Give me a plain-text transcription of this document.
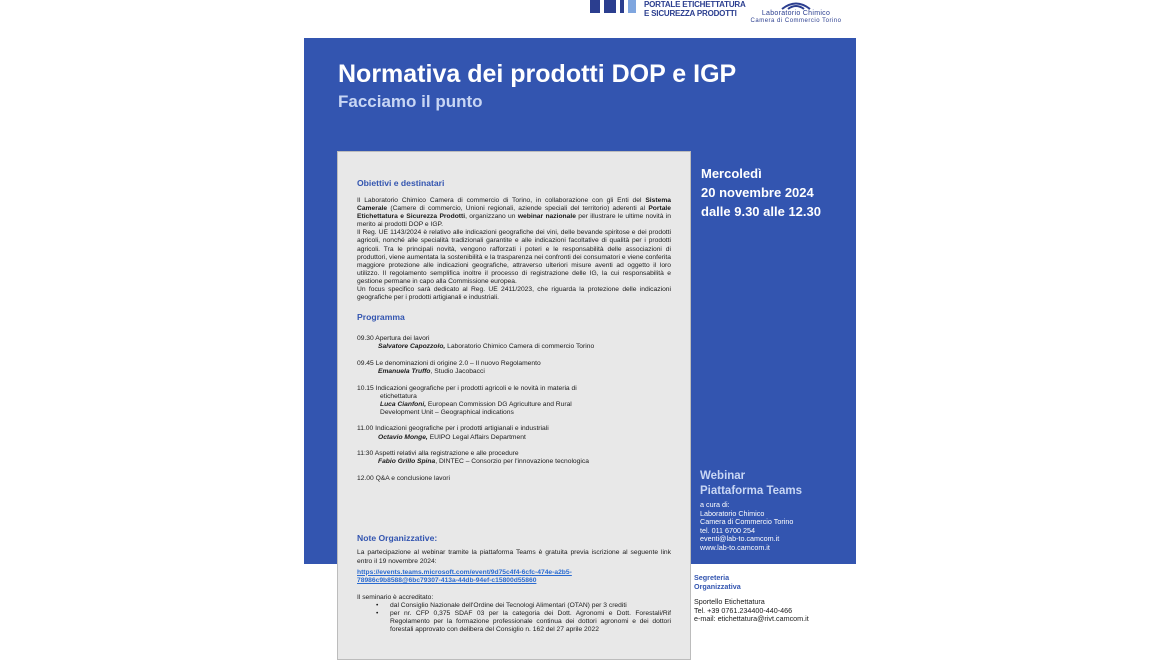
PORTALE ETICHETTATURA
E SICUREZZA PRODOTTI	Laboratorio Chimico
Camera di Commercio Torino
Normativa dei prodotti DOP e IGP
Facciamo il punto
Mercoledì
20 novembre 2024
dalle 9.30 alle 12.30
Webinar
Piattaforma Teams
a cura di:
Laboratorio Chimico
Camera di Commercio Torino
tel. 011 6700 254
eventi@lab-to.camcom.it
www.lab-to.camcom.it
Obiettivi e destinatari
Il Laboratorio Chimico Camera di commercio di Torino, in collaborazione con gli Enti del Sistema Camerale (Camere di commercio, Unioni regionali, aziende speciali del territorio) aderenti al Portale Etichettatura e Sicurezza Prodotti, organizzano un webinar nazionale per illustrare le ultime novità in merito ai prodotti DOP e IGP.
Il Reg. UE 1143/2024 è relativo alle indicazioni geografiche dei vini, delle bevande spiritose e dei prodotti agricoli, nonché alle specialità tradizionali garantite e alle indicazioni facoltative di qualità per i prodotti agricoli. Tra le principali novità, vengono rafforzati i poteri e le responsabilità delle associazioni di produttori, viene aumentata la sostenibilità e la trasparenza nei confronti dei consumatori e viene conferita maggiore protezione alle indicazioni geografiche, attraverso ulteriori misure aventi ad oggetto il loro utilizzo. Il regolamento semplifica inoltre il processo di registrazione delle IG, la cui responsabilità e gestione permane in capo alla Commissione europea.
Un focus specifico sarà dedicato al Reg. UE 2411/2023, che riguarda la protezione delle indicazioni geografiche per i prodotti artigianali e industriali.
Programma
09.30 Apertura dei lavori
Salvatore Capozzolo, Laboratorio Chimico Camera di commercio Torino
09.45 Le denominazioni di origine 2.0 – Il nuovo Regolamento
Emanuela Truffo, Studio Jacobacci
10.15 Indicazioni geografiche per i prodotti agricoli e le novità in materia di
etichettatura
Luca Cianfoni, European Commission DG Agriculture and Rural
Development Unit – Geographical indications
11.00 Indicazioni geografiche per i prodotti artigianali e industriali
Octavio Monge, EUIPO Legal Affairs Department
11:30 Aspetti relativi alla registrazione e alle procedure
Fabio Grillo Spina, DINTEC – Consorzio per l'innovazione tecnologica
12.00 Q&A e conclusione lavori
Note Organizzative:
La partecipazione al webinar tramite la piattaforma Teams è gratuita previa iscrizione al seguente link entro il 19 novembre 2024:
https://events.teams.microsoft.com/event/9d75c4f4-6cfc-474e-a2b5-
78986c9b8588@6bc79307-413a-44db-94ef-c15800d55860
Il seminario è accreditato:
• dal Consiglio Nazionale dell'Ordine dei Tecnologi Alimentari (OTAN) per 3 crediti
• per nr. CFP 0,375 SDAF 03 per la categoria dei Dott. Agronomi e Dott. Forestali/Rif Regolamento per la formazione professionale continua dei dottori agronomi e dei dottori forestali approvato con delibera del Consiglio n. 162 del 27 aprile 2022
Segreteria
Organizzativa
Sportello Etichettatura
Tel. +39 0761.234400-440-466
e-mail: etichettatura@rivt.camcom.it
